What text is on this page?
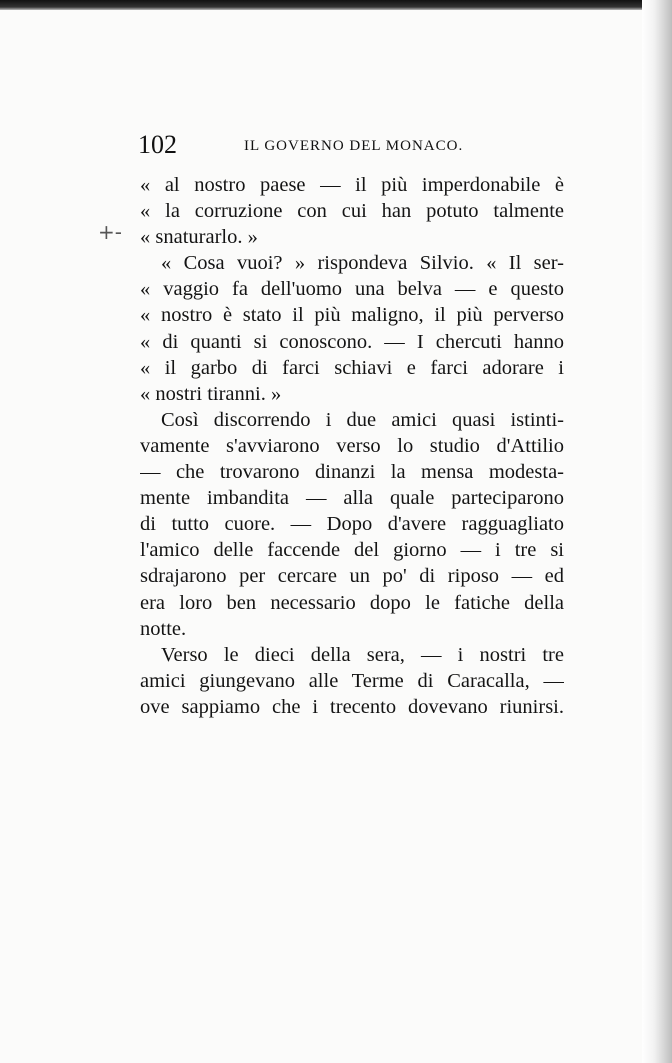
+-
102	IL GOVERNO DEL MONACO.
« al nostro paese — il più imperdonabile è
« la corruzione con cui han potuto talmente
« snaturarlo. »
« Cosa vuoi? » rispondeva Silvio. « Il ser-
« vaggio fa dell'uomo una belva — e questo
« nostro è stato il più maligno, il più perverso
« di quanti si conoscono. — I chercuti hanno
« il garbo di farci schiavi e farci adorare i
« nostri tiranni. »
Così discorrendo i due amici quasi istinti-
vamente s'avviarono verso lo studio d'Attilio
— che trovarono dinanzi la mensa modesta-
mente imbandita — alla quale parteciparono
di tutto cuore. — Dopo d'avere ragguagliato
l'amico delle faccende del giorno — i tre si
sdrajarono per cercare un po' di riposo — ed
era loro ben necessario dopo le fatiche della
notte.
Verso le dieci della sera, — i nostri tre
amici giungevano alle Terme di Caracalla, —
ove sappiamo che i trecento dovevano riunirsi.
